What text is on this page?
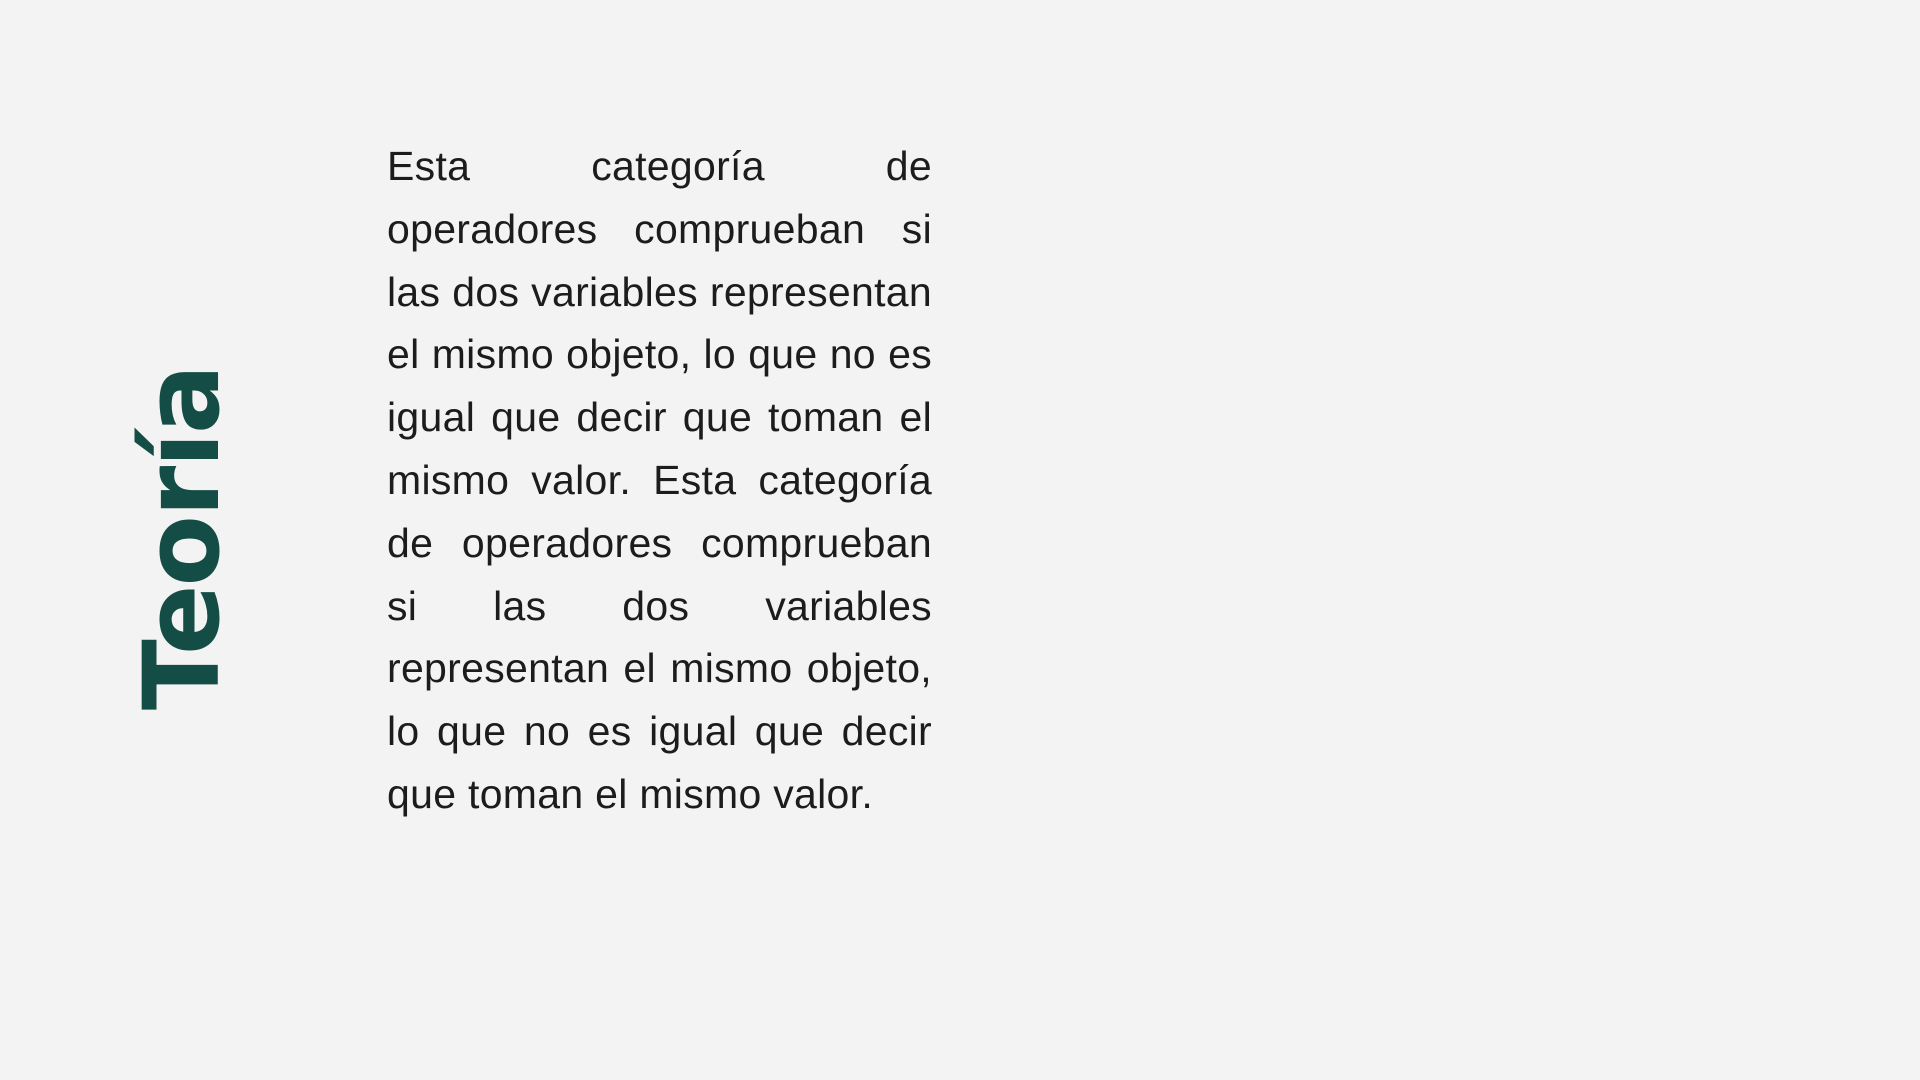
Teoría

Esta categoría de operadores comprueban si las dos variables representan el mismo objeto, lo que no es igual que decir que toman el mismo valor. Esta categoría de operadores comprueban si las dos variables representan el mismo objeto, lo que no es igual que decir que toman el mismo valor.
